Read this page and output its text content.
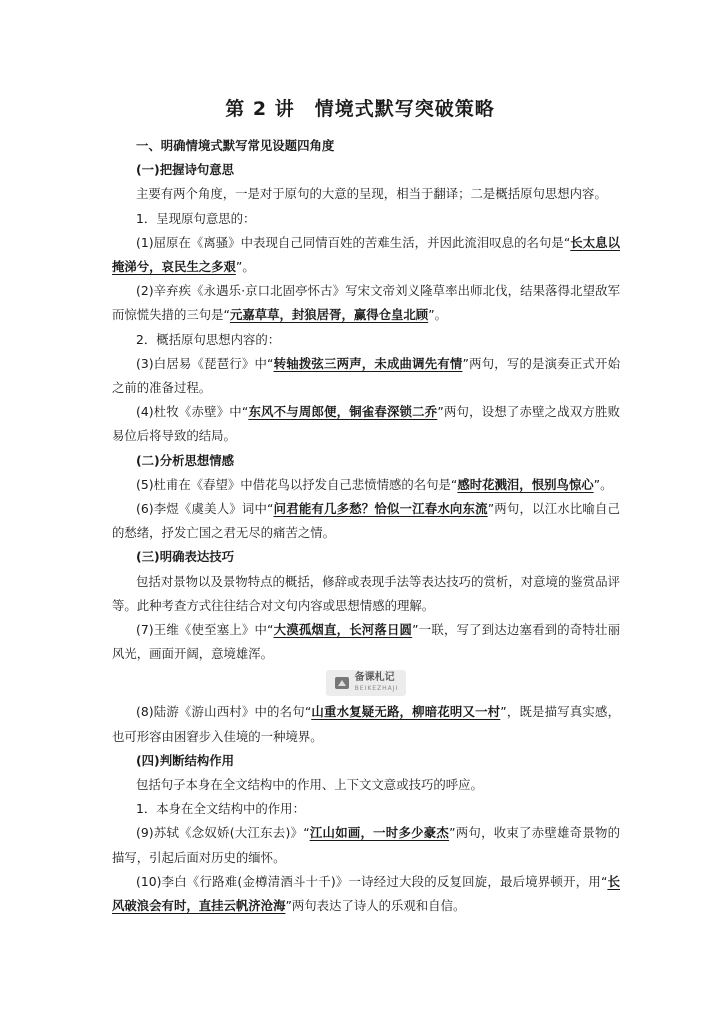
第 2 讲　情境式默写突破策略

一、明确情境式默写常见设题四角度

(一)把握诗句意思

主要有两个角度，一是对于原句的大意的呈现，相当于翻译；二是概括原句思想内容。

1．呈现原句意思的：

(1)屈原在《离骚》中表现自己同情百姓的苦难生活，并因此流泪叹息的名句是“长太息以掩涕兮，哀民生之多艰”。

(2)辛弃疾《永遇乐·京口北固亭怀古》写宋文帝刘义隆草率出师北伐，结果落得北望敌军而惊慌失措的三句是“元嘉草草，封狼居胥，赢得仓皇北顾”。

2．概括原句思想内容的：

(3)白居易《琵琶行》中“转轴拨弦三两声，未成曲调先有情”两句，写的是演奏正式开始之前的准备过程。

(4)杜牧《赤壁》中“东风不与周郎便，铜雀春深锁二乔”两句，设想了赤壁之战双方胜败易位后将导致的结局。

(二)分析思想情感

(5)杜甫在《春望》中借花鸟以抒发自己悲愤情感的名句是“感时花溅泪，恨别鸟惊心”。

(6)李煜《虞美人》词中“问君能有几多愁？恰似一江春水向东流”两句，以江水比喻自己的愁绪，抒发亡国之君无尽的痛苦之情。

(三)明确表达技巧

包括对景物以及景物特点的概括，修辞或表现手法等表达技巧的赏析，对意境的鉴赏品评等。此种考查方式往往结合对文句内容或思想情感的理解。

(7)王维《使至塞上》中“大漠孤烟直，长河落日圆”一联，写了到达边塞看到的奇特壮丽风光，画面开阔，意境雄浑。

备课札记
BEIKEZHAJI

(8)陆游《游山西村》中的名句“山重水复疑无路，柳暗花明又一村”，既是描写真实感，也可形容由困窘步入佳境的一种境界。

(四)判断结构作用

包括句子本身在全文结构中的作用、上下文文意或技巧的呼应。

1．本身在全文结构中的作用：

(9)苏轼《念奴娇(大江东去)》“江山如画，一时多少豪杰”两句，收束了赤壁雄奇景物的描写，引起后面对历史的缅怀。

(10)李白《行路难(金樽清酒斗十千)》一诗经过大段的反复回旋，最后境界顿开，用“长风破浪会有时，直挂云帆济沧海”两句表达了诗人的乐观和自信。
